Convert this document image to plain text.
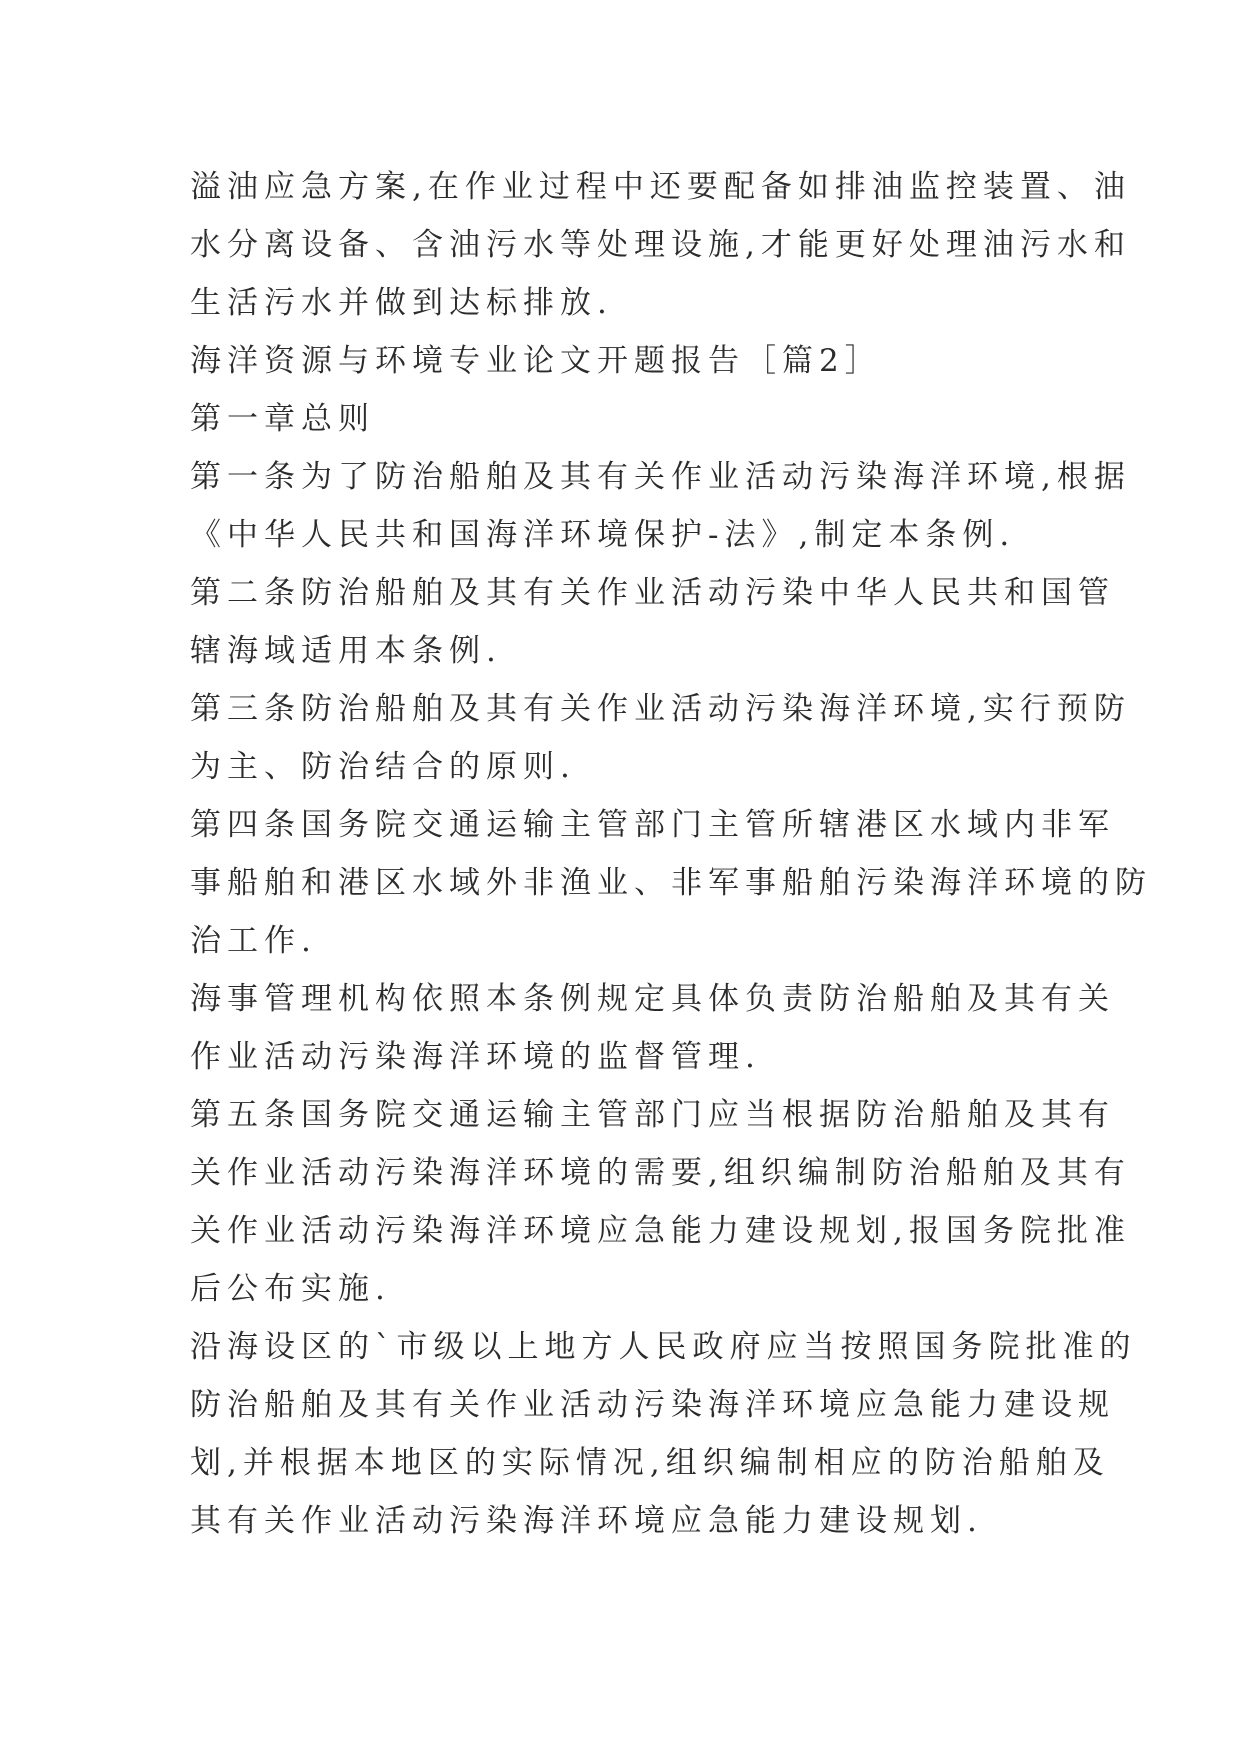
溢油应急方案,在作业过程中还要配备如排油监控装置、油
水分离设备、含油污水等处理设施,才能更好处理油污水和
生活污水并做到达标排放.
海洋资源与环境专业论文开题报告［篇2］
第一章总则
第一条为了防治船舶及其有关作业活动污染海洋环境,根据
《中华人民共和国海洋环境保护-法》,制定本条例.
第二条防治船舶及其有关作业活动污染中华人民共和国管
辖海域适用本条例.
第三条防治船舶及其有关作业活动污染海洋环境,实行预防
为主、防治结合的原则.
第四条国务院交通运输主管部门主管所辖港区水域内非军
事船舶和港区水域外非渔业、非军事船舶污染海洋环境的防
治工作.
海事管理机构依照本条例规定具体负责防治船舶及其有关
作业活动污染海洋环境的监督管理.
第五条国务院交通运输主管部门应当根据防治船舶及其有
关作业活动污染海洋环境的需要,组织编制防治船舶及其有
关作业活动污染海洋环境应急能力建设规划,报国务院批准
后公布实施.
沿海设区的`市级以上地方人民政府应当按照国务院批准的
防治船舶及其有关作业活动污染海洋环境应急能力建设规
划,并根据本地区的实际情况,组织编制相应的防治船舶及
其有关作业活动污染海洋环境应急能力建设规划.
